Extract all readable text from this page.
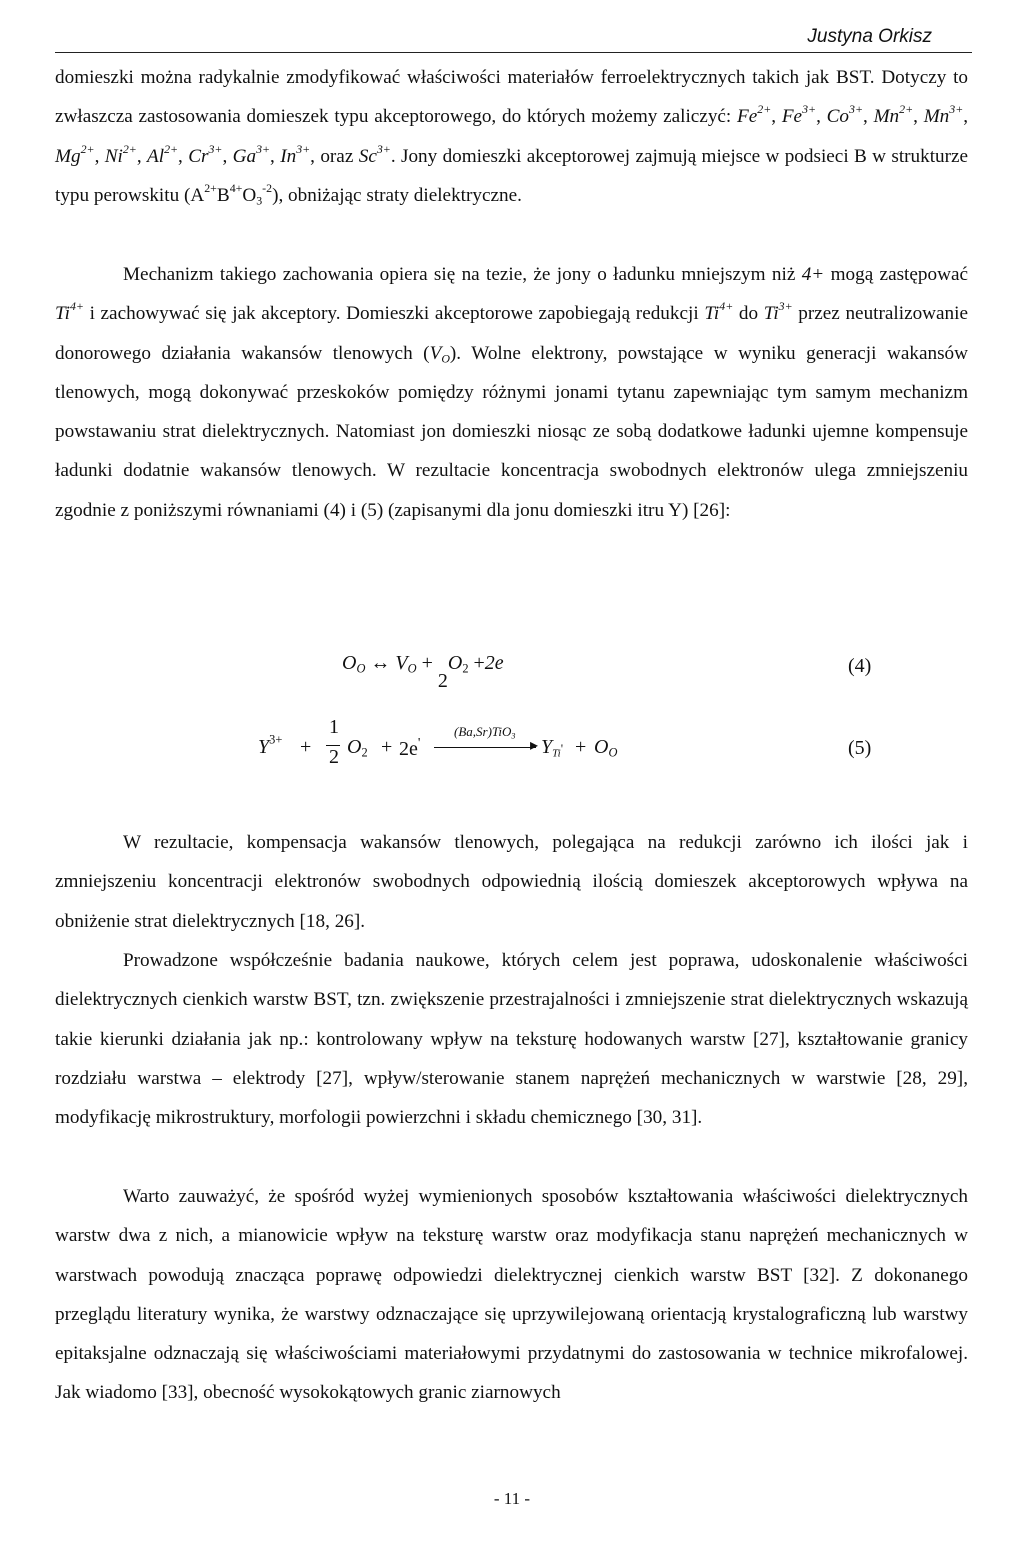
Justyna Orkisz
domieszki można radykalnie zmodyfikować właściwości materiałów ferroelektrycznych takich jak BST. Dotyczy to zwłaszcza zastosowania domieszek typu akceptorowego, do których możemy zaliczyć: $Fe^{2+}$, $Fe^{3+}$, $Co^{3+}$, $Mn^{2+}$, $Mn^{3+}$, $Mg^{2+}$, $Ni^{2+}$, $Al^{2+}$, $Cr^{3+}$, $Ga^{3+}$, $In^{3+}$, oraz $Sc^{3+}$. Jony domieszki akceptorowej zajmują miejsce w podsieci B w strukturze typu perowskitu $(A^{2+}B^{4+}O_3^{-2})$, obniżając straty dielektryczne.
Mechanizm takiego zachowania opiera się na tezie, że jony o ładunku mniejszym niż 4+ mogą zastępować $Ti^{4+}$ i zachowywać się jak akceptory. Domieszki akceptorowe zapobiegają redukcji $Ti^{4+}$ do $Ti^{3+}$ przez neutralizowanie donorowego działania wakansów tlenowych $(V_O)$. Wolne elektrony, powstające w wyniku generacji wakansów tlenowych, mogą dokonywać przeskoków pomiędzy różnymi jonami tytanu zapewniając tym samym mechanizm powstawaniu strat dielektrycznych. Natomiast jon domieszki niosąc ze sobą dodatkowe ładunki ujemne kompensuje ładunki dodatnie wakansów tlenowych. W rezultacie koncentracja swobodnych elektronów ulega zmniejszeniu zgodnie z poniższymi równaniami (4) i (5) (zapisanymi dla jonu domieszki itru Y) [26]:
$O_O$ ↔ $V_O + 2O_2 +2e$	(4)
$Y^{3+}$ +
1
2 $O_2 + 2e'$
(Ba,Sr)TiO$_3$
▸ $Y_{Ti}' + O_O$	(5)
W rezultacie, kompensacja wakansów tlenowych, polegająca na redukcji zarówno ich ilości jak i zmniejszeniu koncentracji elektronów swobodnych odpowiednią ilością domieszek akceptorowych wpływa na obniżenie strat dielektrycznych [18, 26].
Prowadzone współcześnie badania naukowe, których celem jest poprawa, udoskonalenie właściwości dielektrycznych cienkich warstw BST, tzn. zwiększenie przestrajalności i zmniejszenie strat dielektrycznych wskazują takie kierunki działania jak np.: kontrolowany wpływ na teksturę hodowanych warstw [27], kształtowanie granicy rozdziału warstwa – elektrody [27], wpływ/sterowanie stanem naprężeń mechanicznych w warstwie [28, 29], modyfikację mikrostruktury, morfologii powierzchni i składu chemicznego [30, 31].
Warto zauważyć, że spośród wyżej wymienionych sposobów kształtowania właściwości dielektrycznych warstw dwa z nich, a mianowicie wpływ na teksturę warstw oraz modyfikacja stanu naprężeń mechanicznych w warstwach powodują znacząca poprawę odpowiedzi dielektrycznej cienkich warstw BST [32]. Z dokonanego przeglądu literatury wynika, że warstwy odznaczające się uprzywilejowaną orientacją krystalograficzną lub warstwy epitaksjalne odznaczają się właściwościami materiałowymi przydatnymi do zastosowania w technice mikrofalowej. Jak wiadomo [33], obecność wysokokątowych granic ziarnowych
- 11 -
